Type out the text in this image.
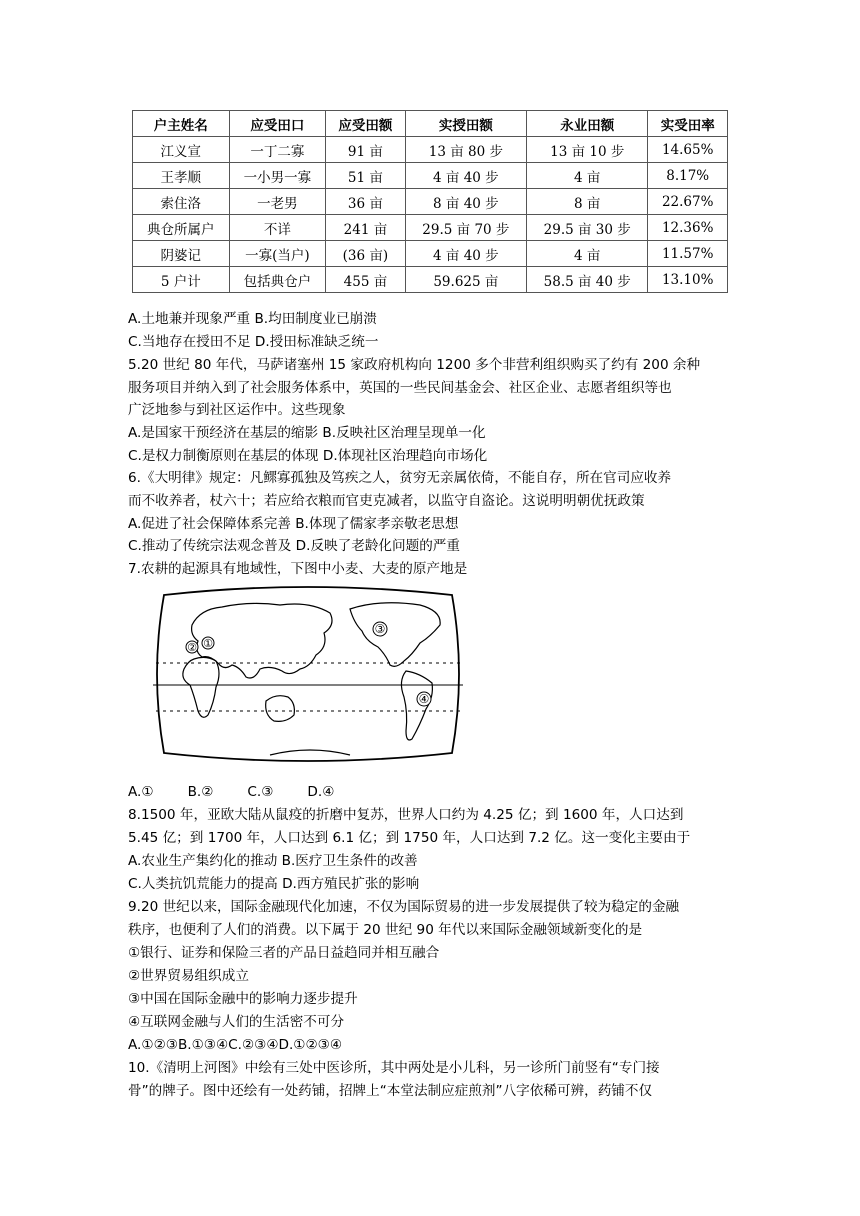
户主姓名	应受田口	应受田额	实授田额	永业田额	实受田率
江义宣	一丁二寡	91 亩	13 亩 80 步	13 亩 10 步	14.65%
王孝顺	一小男一寡	51 亩	4 亩 40 步	4 亩	8.17%
索住洛	一老男	36 亩	8 亩 40 步	8 亩	22.67%
典仓所属户	不详	241 亩	29.5 亩 70 步	29.5 亩 30 步	12.36%
阴婆记	一寡(当户)	(36 亩)	4 亩 40 步	4 亩	11.57%
5 户计	包括典仓户	455 亩	59.625 亩	58.5 亩 40 步	13.10%
A.土地兼并现象严重 B.均田制度业已崩溃
C.当地存在授田不足 D.授田标准缺乏统一
5.20 世纪 80 年代，马萨诸塞州 15 家政府机构向 1200 多个非营利组织购买了约有 200 余种
服务项目并纳入到了社会服务体系中，英国的一些民间基金会、社区企业、志愿者组织等也
广泛地参与到社区运作中。这些现象
A.是国家干预经济在基层的缩影 B.反映社区治理呈现单一化
C.是权力制衡原则在基层的体现 D.体现社区治理趋向市场化
6.《大明律》规定：凡鳏寡孤独及笃疾之人，贫穷无亲属依倚，不能自存，所在官司应收养
而不收养者，杖六十；若应给衣粮而官吏克减者，以监守自盗论。这说明明朝优抚政策
A.促进了社会保障体系完善 B.体现了儒家孝亲敬老思想
C.推动了传统宗法观念普及 D.反映了老龄化问题的严重
7.农耕的起源具有地域性，下图中小麦、大麦的原产地是
①
②
③
④
A.①	B.②	C.③	D.④
8.1500 年，亚欧大陆从鼠疫的折磨中复苏，世界人口约为 4.25 亿；到 1600 年，人口达到
5.45 亿；到 1700 年，人口达到 6.1 亿；到 1750 年，人口达到 7.2 亿。这一变化主要由于
A.农业生产集约化的推动 B.医疗卫生条件的改善
C.人类抗饥荒能力的提高 D.西方殖民扩张的影响
9.20 世纪以来，国际金融现代化加速，不仅为国际贸易的进一步发展提供了较为稳定的金融
秩序，也便利了人们的消费。以下属于 20 世纪 90 年代以来国际金融领域新变化的是
①银行、证券和保险三者的产品日益趋同并相互融合
②世界贸易组织成立
③中国在国际金融中的影响力逐步提升
④互联网金融与人们的生活密不可分
A.①②③B.①③④C.②③④D.①②③④
10.《清明上河图》中绘有三处中医诊所，其中两处是小儿科，另一诊所门前竖有“专门接
骨”的牌子。图中还绘有一处药铺，招牌上“本堂法制应症煎剂”八字依稀可辨，药铺不仅
